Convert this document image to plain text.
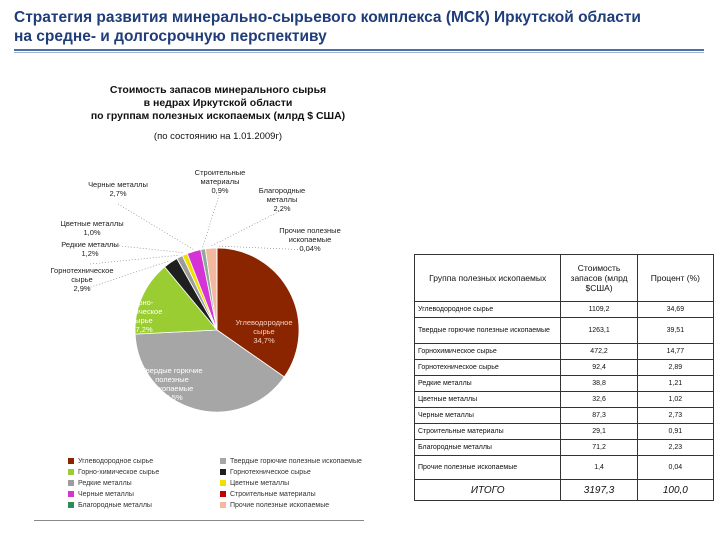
Стратегия развития минерально-сырьевого комплекса (МСК) Иркутской области
на средне- и долгосрочную перспективу
Стоимость запасов минерального сырья
в недрах Иркутской области
по группам полезных ископаемых (млрд $ США)
(по состоянию на 1.01.2009г)
Углеводородное
сырье
34,7%
Твердые горючие
полезные
ископаемые
39,5%
Горно-
химическое
сырье
17,2%
Горнотехническое
сырье
2,9%
Редкие металлы
1,2%
Цветные металлы
1,0%
Черные металлы
2,7%
Строительные
материалы
0,9%	Благородные
металлы
2,2%
Прочие полезные
ископаемые
0,04%
Углеводородное сырье	Твердые горючие полезные ископаемые
Горно-химическое сырье	Горнотехническое сырье
Редкие металлы	Цветные металлы
Черные металлы	Строительные материалы
Благородные металлы	Прочие полезные ископаемые
Группа полезных ископаемых	Стоимость запасов (млрд $США)	Процент (%)
Углеводородное сырье	1109,2	34,69
Твердые горючие полезные ископаемые	1263,1	39,51
Горнохимическое сырье	472,2	14,77
Горнотехническое сырье	92,4	2,89
Редкие металлы	38,8	1,21
Цветные металлы	32,6	1,02
Черные металлы	87,3	2,73
Строительные материалы	29,1	0,91
Благородные металлы	71,2	2,23
Прочие полезные ископаемые	1,4	0,04
ИТОГО	3197,3	100,0
